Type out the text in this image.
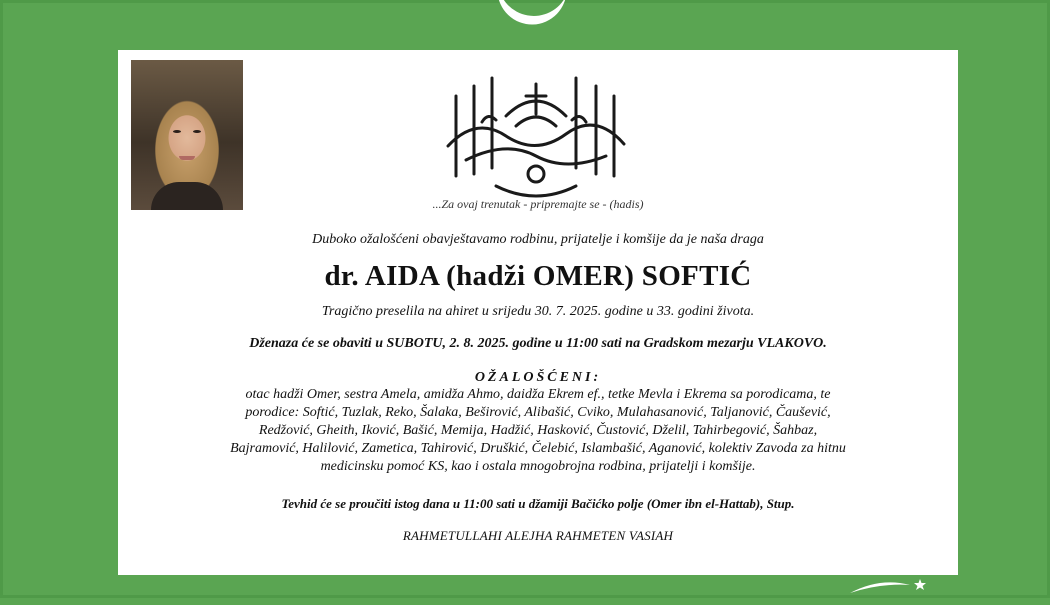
...Za ovaj trenutak - pripremajte se - (hadis)
Duboko ožalošćeni obavještavamo rodbinu, prijatelje i komšije da je naša draga
dr. AIDA (hadži OMER) SOFTIĆ
Tragično preselila na ahiret u srijedu 30. 7. 2025. godine u 33. godini života.
Dženaza će se obaviti u SUBOTU, 2. 8. 2025. godine u 11:00 sati na Gradskom mezarju VLAKOVO.
OŽALOŠĆENI:
otac hadži Omer, sestra Amela, amidža Ahmo, daidža Ekrem ef., tetke Mevla i Ekrema sa porodicama, te
porodice: Softić, Tuzlak, Reko, Šalaka, Beširović, Alibašić, Cviko, Mulahasanović, Taljanović, Čaušević,
Redžović, Gheith, Iković, Bašić, Memija, Hadžić, Hasković, Čustović, Dželil, Tahirbegović, Šahbaz,
Bajramović, Halilović, Zametica, Tahirović, Druškić, Čelebić, Islambašić, Aganović, kolektiv Zavoda za hitnu
medicinsku pomoć KS, kao i ostala mnogobrojna rodbina, prijatelji i komšije.
Tevhid će se proučiti istog dana u 11:00 sati u džamiji Bačićko polje (Omer ibn el-Hattab), Stup.
RAHMETULLAHI ALEJHA RAHMETEN VASIAH
